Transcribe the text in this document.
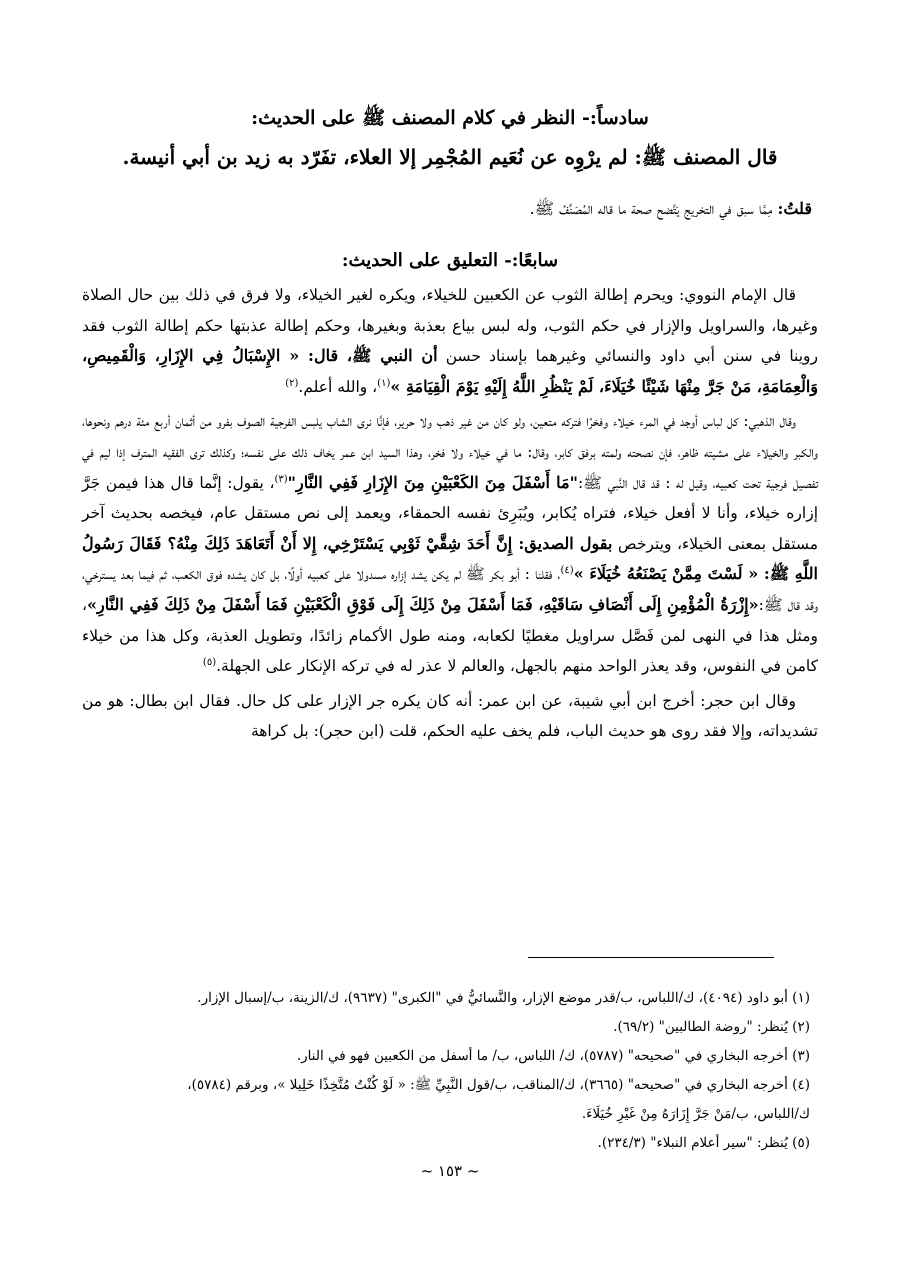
سادساً:- النظر في كلام المصنف ﷺ على الحديث:

قال المصنف ﷺ: لم يرْوِه عن نُعَيم المُجْمِر إلا العلاء، تفَرّد به زيد بن أبي أنيسة.

قلتُ: مِمَّا سبق في التخريج يَتَّضح صحة ما قاله المُصَنِّفُ ﷺ.

سابعًا:- التعليق على الحديث:

قال الإمام النووي: ويحرم إطالة الثوب عن الكعبين للخيلاء، ويكره لغير الخيلاء، ولا فرق في ذلك بين حال الصلاة وغيرها، والسراويل والإزار في حكم الثوب، وله لبس بياع بعذبة وبغيرها، وحكم إطالة عذبتها حكم إطالة الثوب فقد روينا في سنن أبي داود والنسائي وغيرهما بإسناد حسن أن النبي ﷺ، قال: « الإِسْبَالُ فِي الإِزَارِ، وَالْقَمِيصِ، وَالْعِمَامَةِ، مَنْ جَرَّ مِنْهَا شَيْئًا خُيَلَاءَ، لَمْ يَنْظُرِ اللَّهُ إِلَيْهِ يَوْمَ الْقِيَامَةِ »$^{(١)}$، والله أعلم.$^{(٢)}$

وقال الذهبي: كل لباس أوجد في المرء خيلاء وفخرًا فتركه متعين، ولو كان من غير ذهب ولا حرير، فإنَّا نرى الشاب يلبس الفرجية الصوف بفرو من أثمان أربع مئة درهم ونحوها، والكبر والخيلاء على مشيته ظاهر، فإن نصحته ولمته برفق كابر، وقال: ما في خيلاء ولا فخر، وهذا السيد ابن عمر يخاف ذلك على نفسه؛ وكذلك ترى الفقيه المترف إذا ليم في تفصيل فرجية تحت كعبيه، وقيل له : قد قال النَّبي ﷺ:"مَا أَسْفَلَ مِنَ الكَعْبَيْنِ مِنَ الإِزَارِ فَفِي النَّارِ"$^{(٣)}$، يقول: إنَّما قال هذا فيمن جَرَّ إزاره خيلاء، وأنا لا أفعل خيلاء، فتراه يُكابر، ويُبَرِئ نفسه الحمقاء، ويعمد إلى نص مستقل عام، فيخصه بحديث آخر مستقل بمعنى الخيلاء، ويترخص بقول الصديق: إِنَّ أَحَدَ شِقَّيْ ثَوْبِي يَسْتَرْخِي، إِلا أَنْ أَتَعَاهَدَ ذَلِكَ مِنْهُ؟ فَقَالَ رَسُولُ اللَّهِ ﷺ: « لَسْتَ مِمَّنْ يَصْنَعُهُ خُيَلَاءَ »$^{(٤)}$، فقلنا : أبو بكر ﷺ لم يكن يشد إزاره مسدولا على كعبيه أولًا، بل كان يشده فوق الكعب، ثم فيما بعد يسترخي، وقد قال ﷺ:«إِزْرَةُ الْمُؤْمِنِ إِلَى أَنْصَافِ سَاقَيْهِ، فَمَا أَسْفَلَ مِنْ ذَلِكَ إِلَى فَوْقِ الْكَعْبَيْنِ فَمَا أَسْفَلَ مِنْ ذَلِكَ فَفِي النَّارِ»، ومثل هذا في النهى لمن فَصَّل سراويل مغطيًا لكعابه، ومنه طول الأكمام زائدًا، وتطويل العذبة، وكل هذا من خيلاء كامن في النفوس، وقد يعذر الواحد منهم بالجهل، والعالم لا عذر له في تركه الإنكار على الجهلة.$^{(٥)}$

وقال ابن حجر: أخرج ابن أبي شيبة، عن ابن عمر: أنه كان يكره جر الإزار على كل حال. فقال ابن بطال: هو من تشديداته، وإلا فقد روى هو حديث الباب، فلم يخف عليه الحكم، قلت (ابن حجر): بل كراهة

(١) أبو داود (٤٠٩٤)، ك/اللباس، ب/قدر موضع الإزار، والنَّسائيُّ في "الكبرى" (٩٦٣٧)، ك/الزينة، ب/إسبال الإزار.

(٢) يُنظر: "روضة الطالبين" (٦٩/٢).

(٣) أخرجه البخاري في "صحيحه" (٥٧٨٧)، ك/ اللباس، ب/ ما أسفل من الكعبين فهو في النار.

(٤) أخرجه البخاري في "صحيحه" (٣٦٦٥)، ك/المناقب، ب/قول النَّبِيِّ ﷺ: « لَوْ كُنْتُ مُتَّخِذًا خَلِيلا »، وبرقم (٥٧٨٤)،

ك/اللباس، ب/مَنْ جَرَّ إِزَارَهُ مِنْ غَيْرِ خُيَلَاءَ.

(٥) يُنظر: "سير أعلام النبلاء" (٢٣٤/٣).

~ ١٥٣ ~
